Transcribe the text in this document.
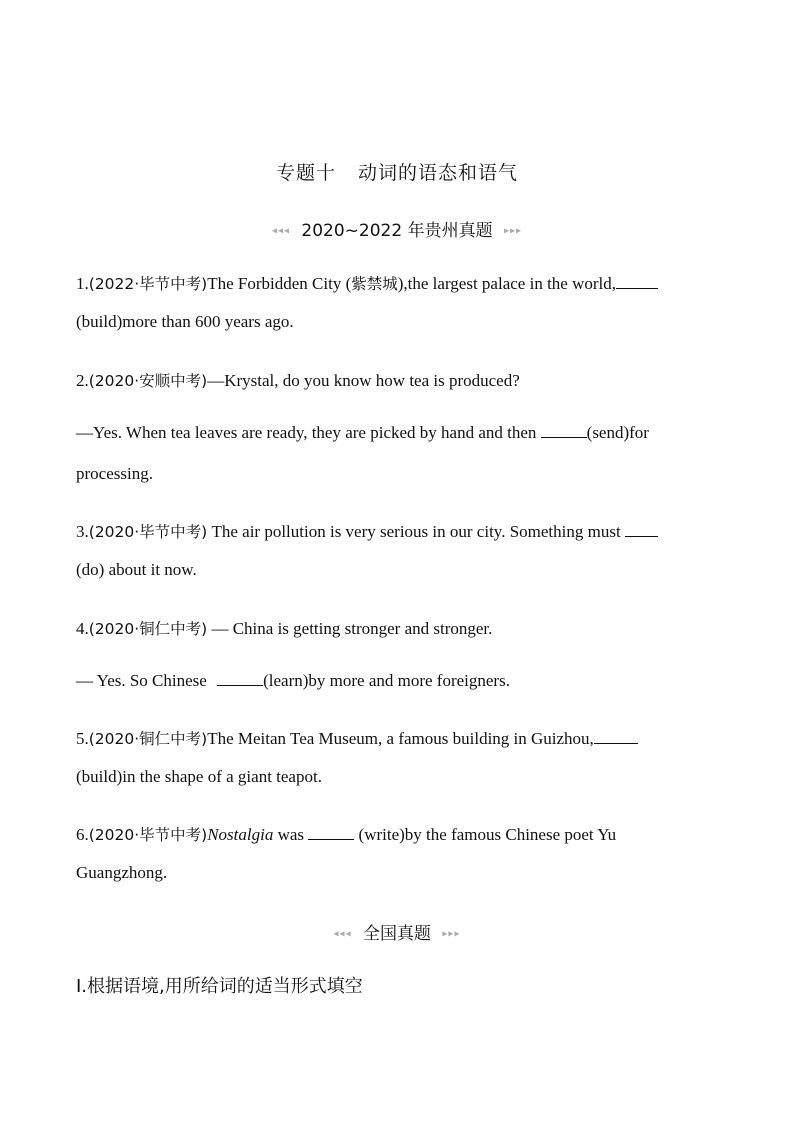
专题十 动词的语态和语气
◂◂◂ 2020~2022 年贵州真题 ▸▸▸
1.(2022·毕节中考)The Forbidden City (紫禁城),the largest palace in the world,
(build)more than 600 years ago.
2.(2020·安顺中考)—Krystal, do you know how tea is produced?
—Yes. When tea leaves are ready, they are picked by hand and then	(send)for
processing.
3.(2020·毕节中考) The air pollution is very serious in our city. Something must
(do) about it now.
4.(2020·铜仁中考) — China is getting stronger and stronger.
— Yes. So Chinese	(learn)by more and more foreigners.
5.(2020·铜仁中考)The Meitan Tea Museum, a famous building in Guizhou,
(build)in the shape of a giant teapot.
6.(2020·毕节中考)Nostalgia was	(write)by the famous Chinese poet Yu
Guangzhong.
◂◂◂ 全国真题 ▸▸▸
Ⅰ.根据语境,用所给词的适当形式填空
